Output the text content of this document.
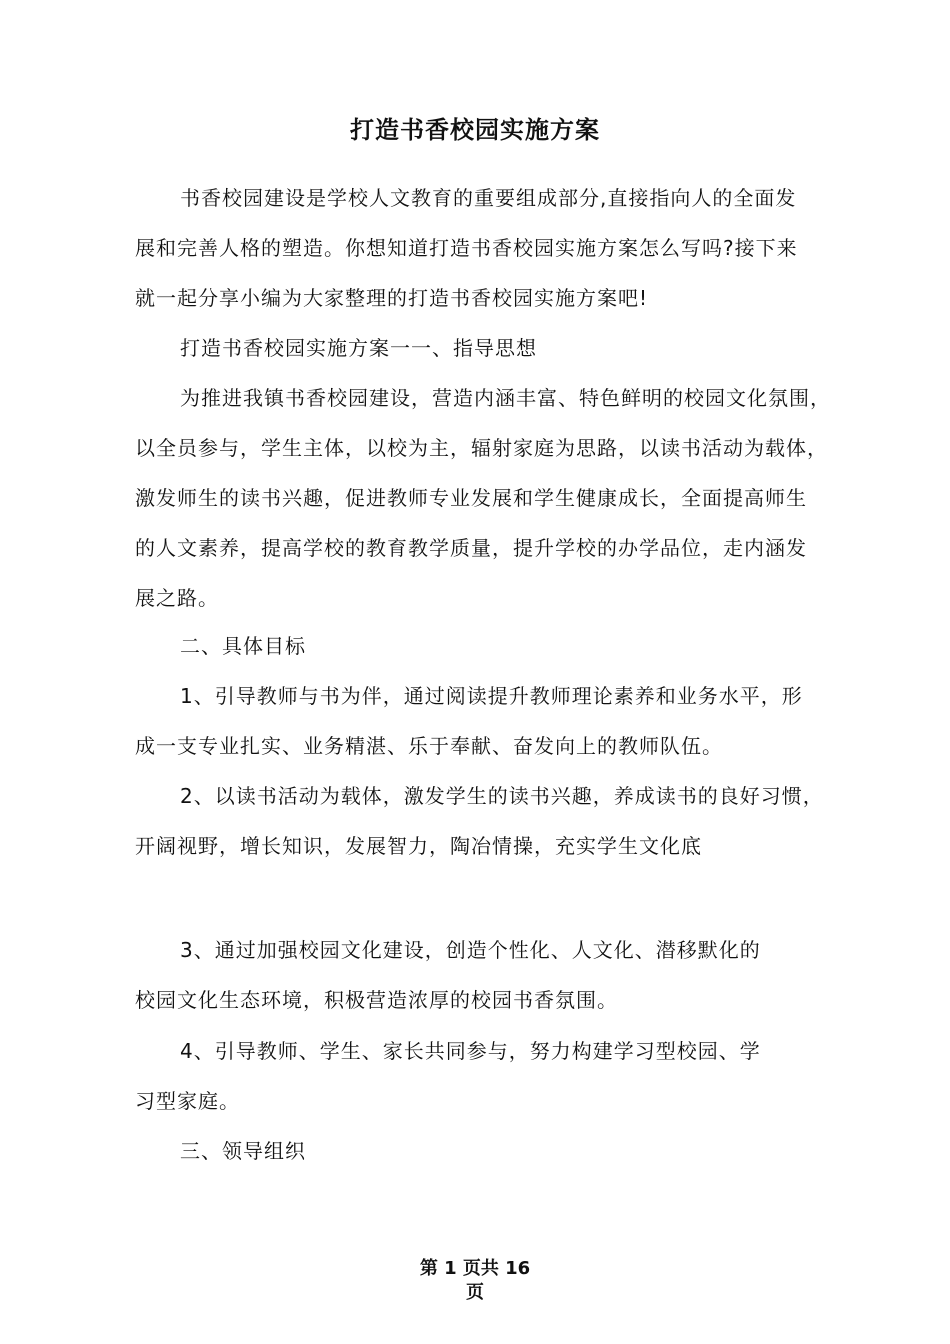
打造书香校园实施方案
书香校园建设是学校人文教育的重要组成部分,直接指向人的全面发
展和完善人格的塑造。你想知道打造书香校园实施方案怎么写吗?接下来
就一起分享小编为大家整理的打造书香校园实施方案吧!
打造书香校园实施方案一一、指导思想
为推进我镇书香校园建设，营造内涵丰富、特色鲜明的校园文化氛围，
以全员参与，学生主体，以校为主，辐射家庭为思路，以读书活动为载体，
激发师生的读书兴趣，促进教师专业发展和学生健康成长，全面提高师生
的人文素养，提高学校的教育教学质量，提升学校的办学品位，走内涵发
展之路。
二、具体目标
1、引导教师与书为伴，通过阅读提升教师理论素养和业务水平，形
成一支专业扎实、业务精湛、乐于奉献、奋发向上的教师队伍。
2、以读书活动为载体，激发学生的读书兴趣，养成读书的良好习惯，
开阔视野，增长知识，发展智力，陶冶情操，充实学生文化底
3、通过加强校园文化建设，创造个性化、人文化、潜移默化的
校园文化生态环境，积极营造浓厚的校园书香氛围。
4、引导教师、学生、家长共同参与，努力构建学习型校园、学
习型家庭。
三、领导组织
第 1 页共 16
页
